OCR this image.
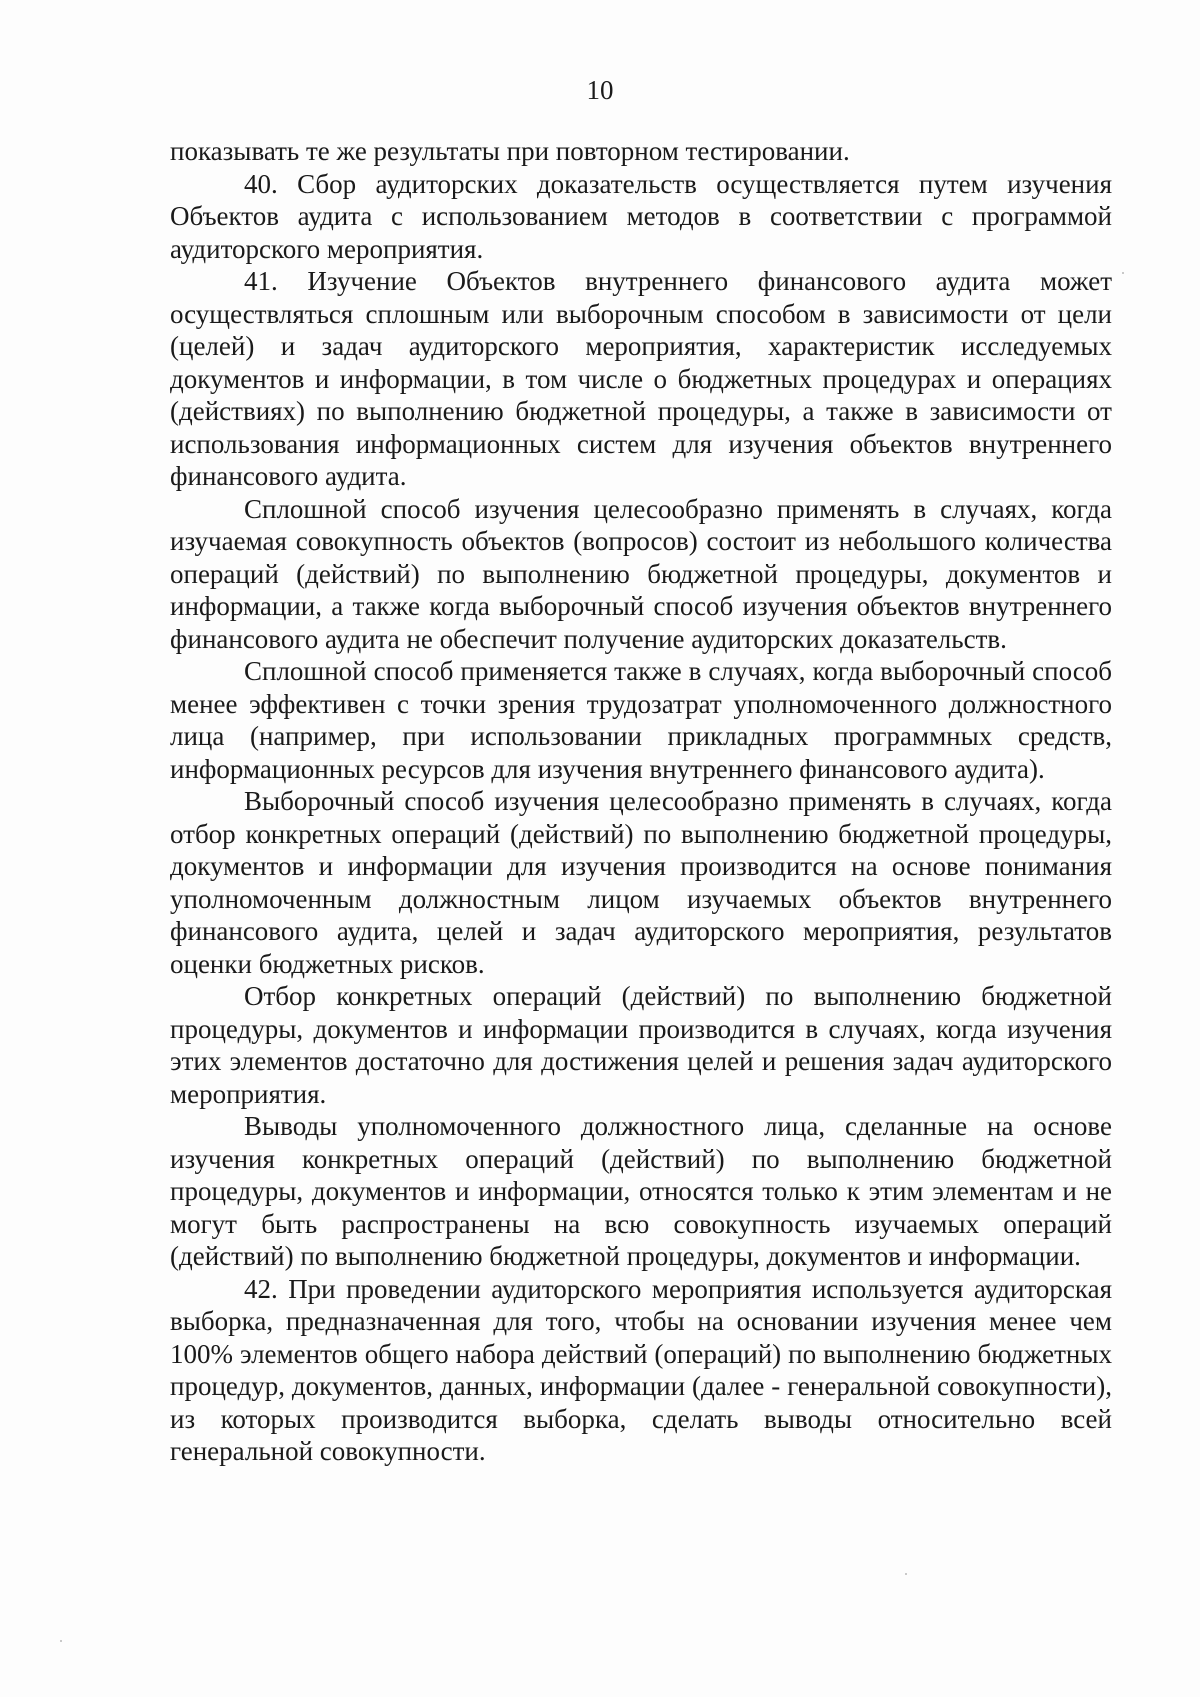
10

показывать те же результаты при повторном тестировании.

40. Сбор аудиторских доказательств осуществляется путем изучения Объектов аудита с использованием методов в соответствии с программой аудиторского мероприятия.

41. Изучение Объектов внутреннего финансового аудита может осуществляться сплошным или выборочным способом в зависимости от цели (целей) и задач аудиторского мероприятия, характеристик исследуемых документов и информации, в том числе о бюджетных процедурах и операциях (действиях) по выполнению бюджетной процедуры, а также в зависимости от использования информационных систем для изучения объектов внутреннего финансового аудита.

Сплошной способ изучения целесообразно применять в случаях, когда изучаемая совокупность объектов (вопросов) состоит из небольшого количества операций (действий) по выполнению бюджетной процедуры, документов и информации, а также когда выборочный способ изучения объектов внутреннего финансового аудита не обеспечит получение аудиторских доказательств.

Сплошной способ применяется также в случаях, когда выборочный способ менее эффективен с точки зрения трудозатрат уполномоченного должностного лица (например, при использовании прикладных программных средств, информационных ресурсов для изучения внутреннего финансового аудита).

Выборочный способ изучения целесообразно применять в случаях, когда отбор конкретных операций (действий) по выполнению бюджетной процедуры, документов и информации для изучения производится на основе понимания уполномоченным должностным лицом изучаемых объектов внутреннего финансового аудита, целей и задач аудиторского мероприятия, результатов оценки бюджетных рисков.

Отбор конкретных операций (действий) по выполнению бюджетной процедуры, документов и информации производится в случаях, когда изучения этих элементов достаточно для достижения целей и решения задач аудиторского мероприятия.

Выводы уполномоченного должностного лица, сделанные на основе изучения конкретных операций (действий) по выполнению бюджетной процедуры, документов и информации, относятся только к этим элементам и не могут быть распространены на всю совокупность изучаемых операций (действий) по выполнению бюджетной процедуры, документов и информации.

42. При проведении аудиторского мероприятия используется аудиторская выборка, предназначенная для того, чтобы на основании изучения менее чем 100% элементов общего набора действий (операций) по выполнению бюджетных процедур, документов, данных, информации (далее - генеральной совокупности), из которых производится выборка, сделать выводы относительно всей генеральной совокупности.
